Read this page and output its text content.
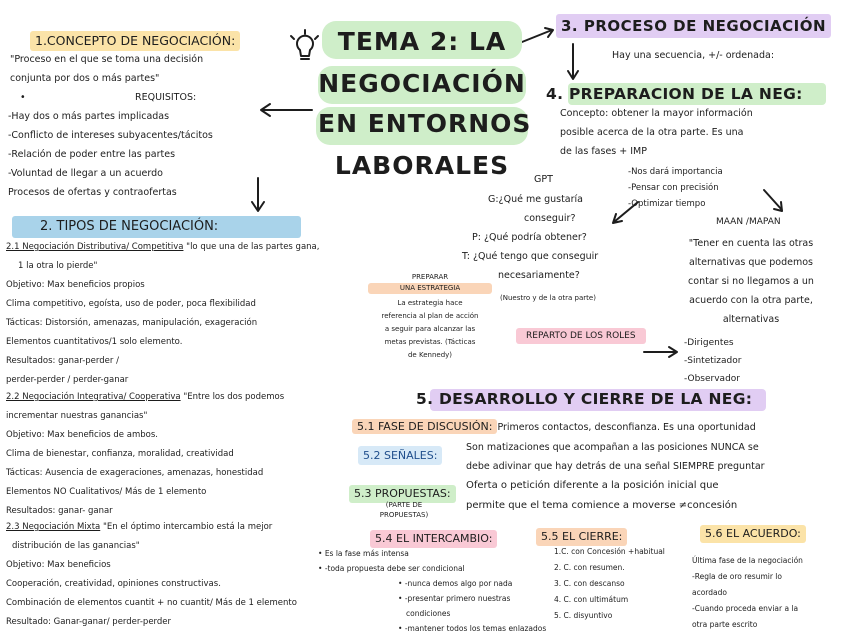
TEMA 2: LA
NEGOCIACIÓN
EN ENTORNOS
LABORALES
1.CONCEPTO DE NEGOCIACIÓN:
"Proceso en el que se toma una decisión
conjunta por dos o más partes"
•	REQUISITOS:
-Hay dos o más partes implicadas
-Conflicto de intereses subyacentes/tácitos
-Relación de poder entre las partes
-Voluntad de llegar a un acuerdo
Procesos de ofertas y contraofertas
2. TIPOS DE NEGOCIACIÓN:
2.1 Negociación Distributiva/ Competitiva "lo que una de las partes gana,
1 la otra lo pierde"
Objetivo: Max beneficios propios
Clima competitivo, egoísta, uso de poder, poca flexibilidad
Tácticas: Distorsión, amenazas, manipulación, exageración
Elementos cuantitativos/1 solo elemento.
Resultados: ganar-perder /
perder-perder / perder-ganar
2.2 Negociación Integrativa/ Cooperativa "Entre los dos podemos
incrementar nuestras ganancias"
Objetivo: Max beneficios de ambos.
Clima de bienestar, confianza, moralidad, creatividad
Tácticas: Ausencia de exageraciones, amenazas, honestidad
Elementos NO Cualitativos/ Más de 1 elemento
Resultados: ganar- ganar
2.3 Negociación Mixta "En el óptimo intercambio está la mejor
distribución de las ganancias"
Objetivo: Max beneficios
Cooperación, creatividad, opiniones constructivas.
Combinación de elementos cuantit + no cuantit/ Más de 1 elemento
Resultado: Ganar-ganar/ perder-perder
3. PROCESO DE NEGOCIACIÓN
Hay una secuencia, +/- ordenada:
4. PREPARACION DE LA NEG:
Concepto: obtener la mayor información
posible acerca de la otra parte. Es una
de las fases + IMP
-Nos dará importancia
-Pensar con precisión
-Optimizar tiempo
MAAN /MAPAN
"Tener en cuenta las otras
alternativas que podemos
contar si no llegamos a un
acuerdo con la otra parte,
alternativas
GPT
G:¿Qué me gustaría
conseguir?
P: ¿Qué podría obtener?
T: ¿Qué tengo que conseguir
necesariamente?
(Nuestro y de la otra parte)
PREPARAR
UNA ESTRATEGIA
La estrategia hace
referencia al plan de acción
a seguir para alcanzar las
metas previstas. (Tácticas
de Kennedy)
REPARTO DE LOS ROLES
-Dirigentes
-Sintetizador
-Observador
5. DESARROLLO Y CIERRE DE LA NEG:
5.1 FASE DE DISCUSIÓN: Primeros contactos, desconfianza. Es una oportunidad
5.2 SEÑALES:
Son matizaciones que acompañan a las posiciones NUNCA se
debe adivinar que hay detrás de una señal SIEMPRE preguntar
5.3 PROPUESTAS:
(PARTE DE
PROPUESTAS)
Oferta o petición diferente a la posición inicial que
permite que el tema comience a moverse ≠concesión
5.4 EL INTERCAMBIO:
• Es la fase más intensa
• -toda propuesta debe ser condicional
• -nunca demos algo por nada
• -presentar primero nuestras
condiciones
• -mantener todos los temas enlazados
5.5 EL CIERRE:
1.C. con Concesión +habitual
2. C. con resumen.
3. C. con descanso
4. C. con ultimátum
5. C. disyuntivo
5.6 EL ACUERDO:
Última fase de la negociación
-Regla de oro resumir lo
acordado
-Cuando proceda enviar a la
otra parte escrito
